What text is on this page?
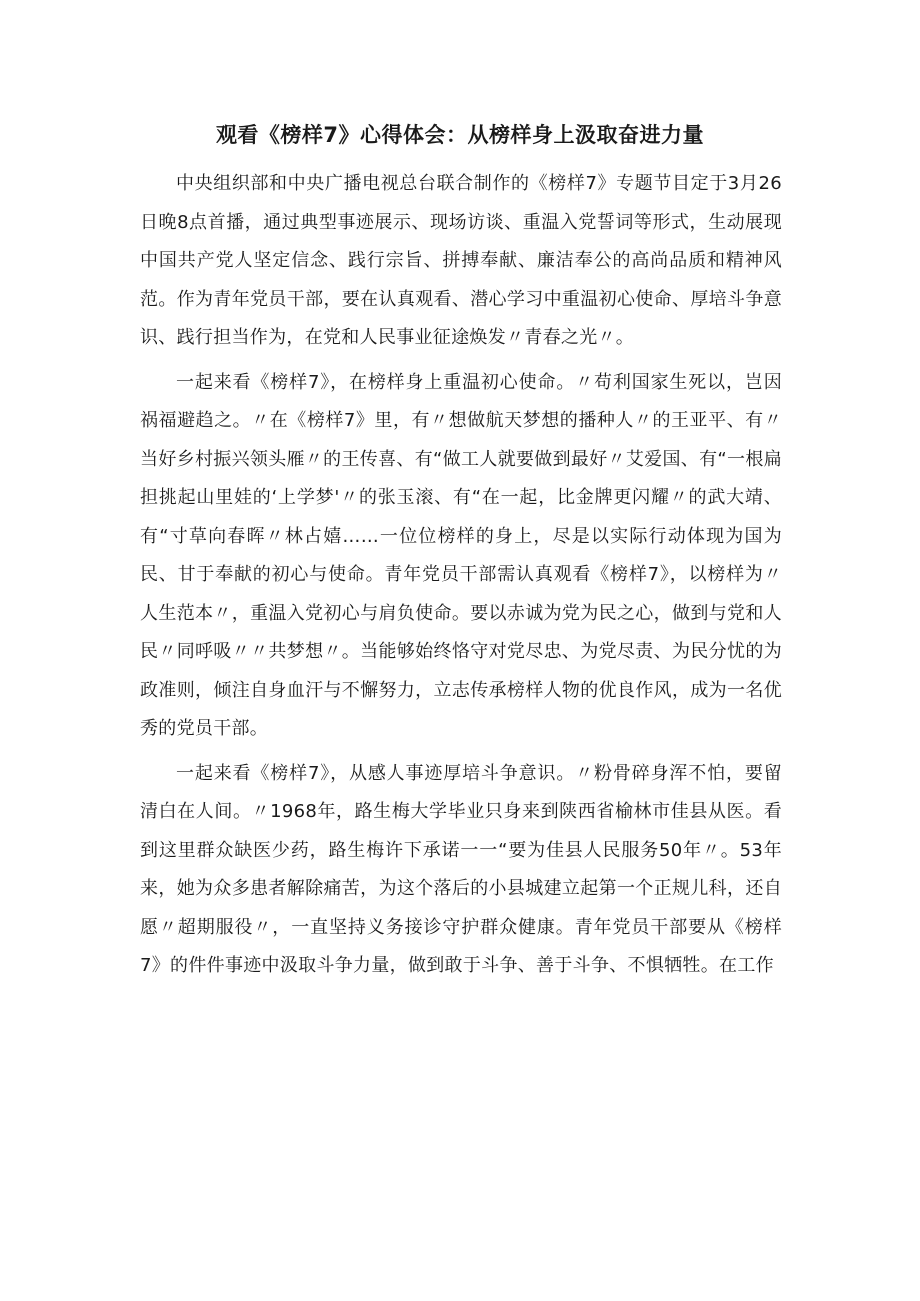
观看《榜样7》心得体会：从榜样身上汲取奋进力量

中央组织部和中央广播电视总台联合制作的《榜样7》专题节目定于3月26日晚8点首播，通过典型事迹展示、现场访谈、重温入党誓词等形式，生动展现中国共产党人坚定信念、践行宗旨、拼搏奉献、廉洁奉公的高尚品质和精神风范。作为青年党员干部，要在认真观看、潜心学习中重温初心使命、厚培斗争意识、践行担当作为，在党和人民事业征途焕发〃青春之光〃。

一起来看《榜样7》，在榜样身上重温初心使命。〃苟利国家生死以，岂因祸福避趋之。〃在《榜样7》里，有〃想做航天梦想的播种人〃的王亚平、有〃当好乡村振兴领头雁〃的王传喜、有“做工人就要做到最好〃艾爱国、有“一根扁担挑起山里娃的‘上学梦'〃的张玉滚、有“在一起，比金牌更闪耀〃的武大靖、有“寸草向春晖〃林占嬉……一位位榜样的身上，尽是以实际行动体现为国为民、甘于奉献的初心与使命。青年党员干部需认真观看《榜样7》，以榜样为〃人生范本〃，重温入党初心与肩负使命。要以赤诚为党为民之心，做到与党和人民〃同呼吸〃〃共梦想〃。当能够始终恪守对党尽忠、为党尽责、为民分忧的为政准则，倾注自身血汗与不懈努力，立志传承榜样人物的优良作风，成为一名优秀的党员干部。

一起来看《榜样7》，从感人事迹厚培斗争意识。〃粉骨碎身浑不怕，要留清白在人间。〃1968年，路生梅大学毕业只身来到陕西省榆林市佳县从医。看到这里群众缺医少药，路生梅许下承诺一一“要为佳县人民服务50年〃。53年来，她为众多患者解除痛苦，为这个落后的小县城建立起第一个正规儿科，还自愿〃超期服役〃，一直坚持义务接诊守护群众健康。青年党员干部要从《榜样7》的件件事迹中汲取斗争力量，做到敢于斗争、善于斗争、不惧牺牲。在工作
